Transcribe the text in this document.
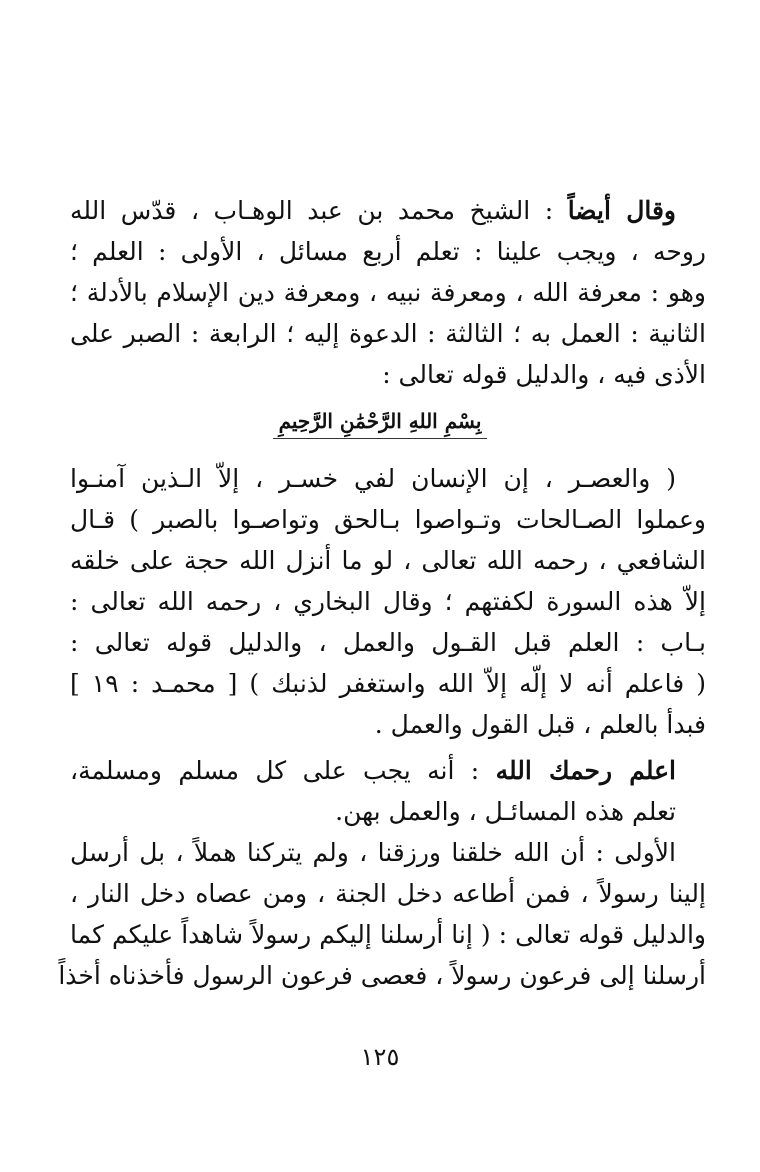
وقال أيضاً : الشيخ محمد بن عبد الوهـاب ، قدّس الله
روحه ، ويجب علينا : تعلم أربع مسائل ، الأولى : العلم ؛
وهو : معرفة الله ، ومعرفة نبيه ، ومعرفة دين الإسلام بالأدلة ؛
الثانية : العمل به ؛ الثالثة : الدعوة إليه ؛ الرابعة : الصبر على
الأذى فيه ، والدليل قوله تعالى :
بِسْمِ اللهِ الرَّحْمَٰنِ الرَّحِيمِ
( والعصـر ، إن الإنسان لفي خسـر ، إلاّ الـذين آمنـوا
وعملوا الصـالحات وتـواصوا بـالحق وتواصـوا بالصبر ) قـال
الشافعي ، رحمه الله تعالى ، لو ما أنزل الله حجة على خلقه
إلاّ هذه السورة لكفتهم ؛ وقال البخاري ، رحمه الله تعالى :
بـاب : العلم قبل القـول والعمل ، والدليل قوله تعالى :
( فاعلم أنه لا إلّه إلاّ الله واستغفر لذنبك ) [ محمـد : ١٩ ]
فبدأ بالعلم ، قبل القول والعمل .
اعلم رحمك الله : أنه يجب على كل مسلم ومسلمة،
تعلم هذه المسائـل ، والعمل بهن.
الأولى : أن الله خلقنا ورزقنا ، ولم يتركنا هملاً ، بل أرسل
إلينا رسولاً ، فمن أطاعه دخل الجنة ، ومن عصاه دخل النار ،
والدليل قوله تعالى : ( إنا أرسلنا إليكم رسولاً شاهداً عليكم كما
أرسلنا إلى فرعون رسولاً ، فعصى فرعون الرسول فأخذناه أخذاً
١٢٥
